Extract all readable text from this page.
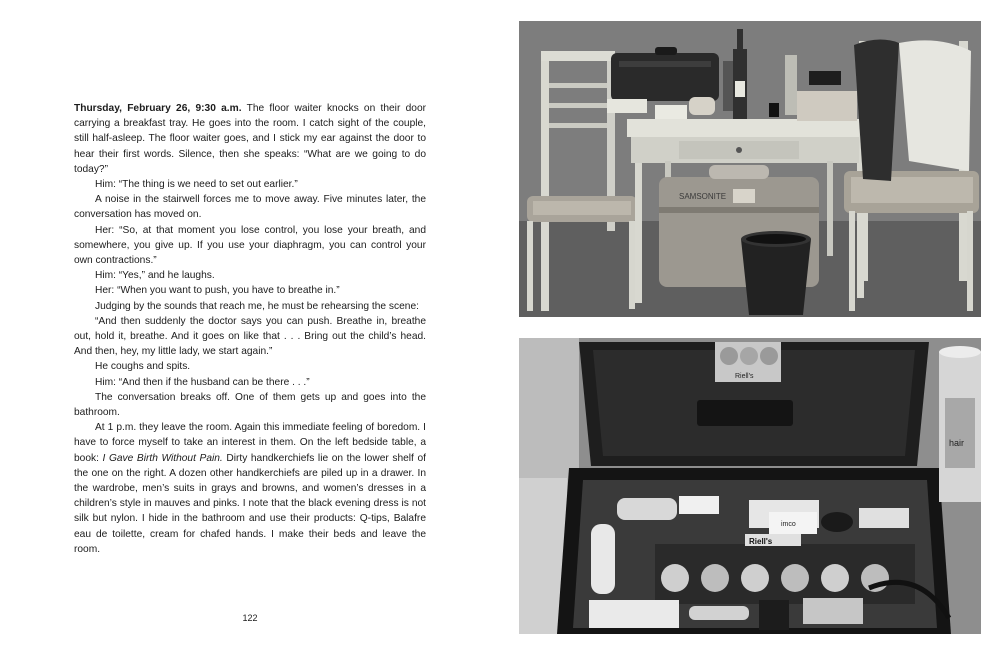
Thursday, February 26, 9:30 a.m. The floor waiter knocks on their door carrying a breakfast tray. He goes into the room. I catch sight of the couple, still half-asleep. The floor waiter goes, and I stick my ear against the door to hear their first words. Silence, then she speaks: “What are we going to do today?”

Him: “The thing is we need to set out earlier.”

A noise in the stairwell forces me to move away. Five minutes later, the conversation has moved on.

Her: “So, at that moment you lose control, you lose your breath, and somewhere, you give up. If you use your diaphragm, you can control your own contractions.”

Him: “Yes,” and he laughs.

Her: “When you want to push, you have to breathe in.”

Judging by the sounds that reach me, he must be rehearsing the scene:

“And then suddenly the doctor says you can push. Breathe in, breathe out, hold it, breathe. And it goes on like that . . . Bring out the child’s head. And then, hey, my little lady, we start again.”

He coughs and spits.

Him: “And then if the husband can be there . . .”

The conversation breaks off. One of them gets up and goes into the bathroom.

At 1 p.m. they leave the room. Again this immediate feeling of boredom. I have to force myself to take an interest in them. On the left bedside table, a book: I Gave Birth Without Pain. Dirty handkerchiefs lie on the lower shelf of the one on the right. A dozen other handkerchiefs are piled up in a drawer. In the wardrobe, men’s suits in grays and browns, and women’s dresses in a children’s style in mauves and pinks. I note that the black evening dress is not silk but nylon. I hide in the bathroom and use their products: Q-tips, Balafre eau de toilette, cream for chafed hands. I make their beds and leave the room.

122
SAMSONITE
Riell's
hair
imco
Riell's
